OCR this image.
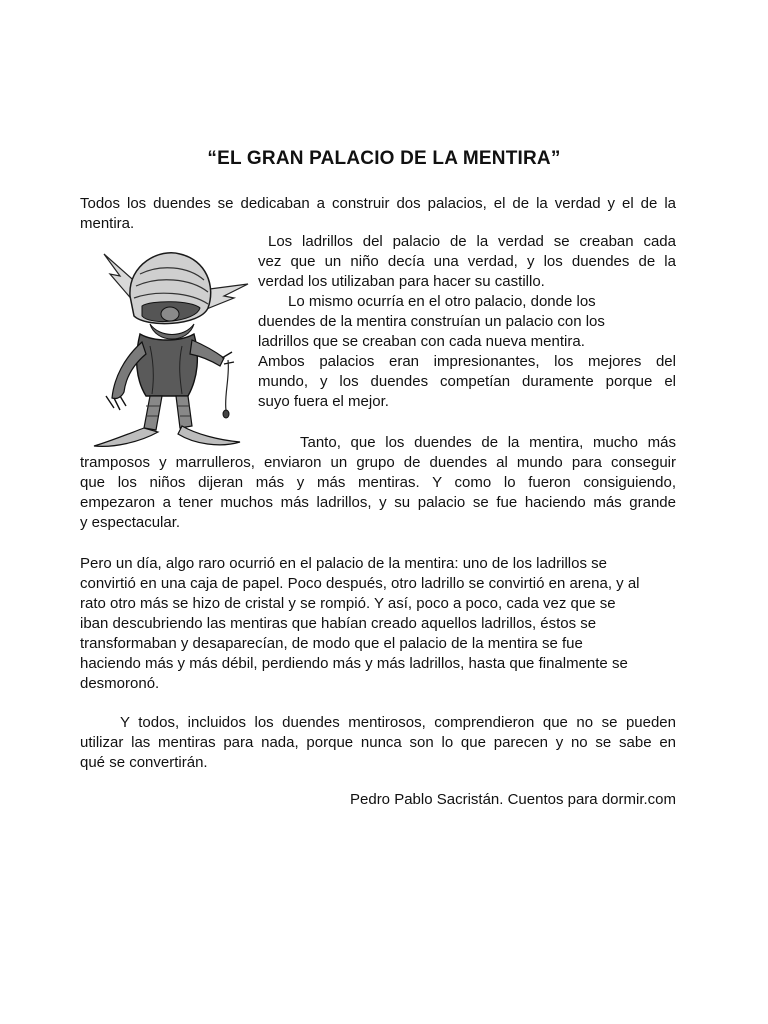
“EL GRAN PALACIO DE LA MENTIRA”

Todos los duendes se dedicaban a construir dos palacios, el de la verdad y el de la mentira.

Los ladrillos del palacio de la verdad se creaban cada
vez que un niño decía una verdad, y los duendes de la
verdad los utilizaban para hacer su castillo.
Lo mismo ocurría en el otro palacio, donde los
duendes de la mentira construían un palacio con los
ladrillos que se creaban con cada nueva mentira.
Ambos palacios eran impresionantes, los mejores del
mundo, y los duendes competían duramente porque el
suyo fuera el mejor.
Tanto, que los duendes de la mentira, mucho más
tramposos y marrulleros, enviaron un grupo de duendes al mundo para conseguir
que los niños dijeran más y más mentiras. Y como lo fueron consiguiendo,
empezaron a tener muchos más ladrillos, y su palacio se fue haciendo más grande
y espectacular.
Pero un día, algo raro ocurrió en el palacio de la mentira: uno de los ladrillos se
convirtió en una caja de papel. Poco después, otro ladrillo se convirtió en arena, y al
rato otro más se hizo de cristal y se rompió. Y así, poco a poco, cada vez que se
iban descubriendo las mentiras que habían creado aquellos ladrillos, éstos se
transformaban y desaparecían, de modo que el palacio de la mentira se fue
haciendo más y más débil, perdiendo más y más ladrillos, hasta que finalmente se
desmoronó.
Y todos, incluidos los duendes mentirosos, comprendieron que no se pueden
utilizar las mentiras para nada, porque nunca son lo que parecen y no se sabe en
qué se convertirán.

Pedro Pablo Sacristán. Cuentos para dormir.com
